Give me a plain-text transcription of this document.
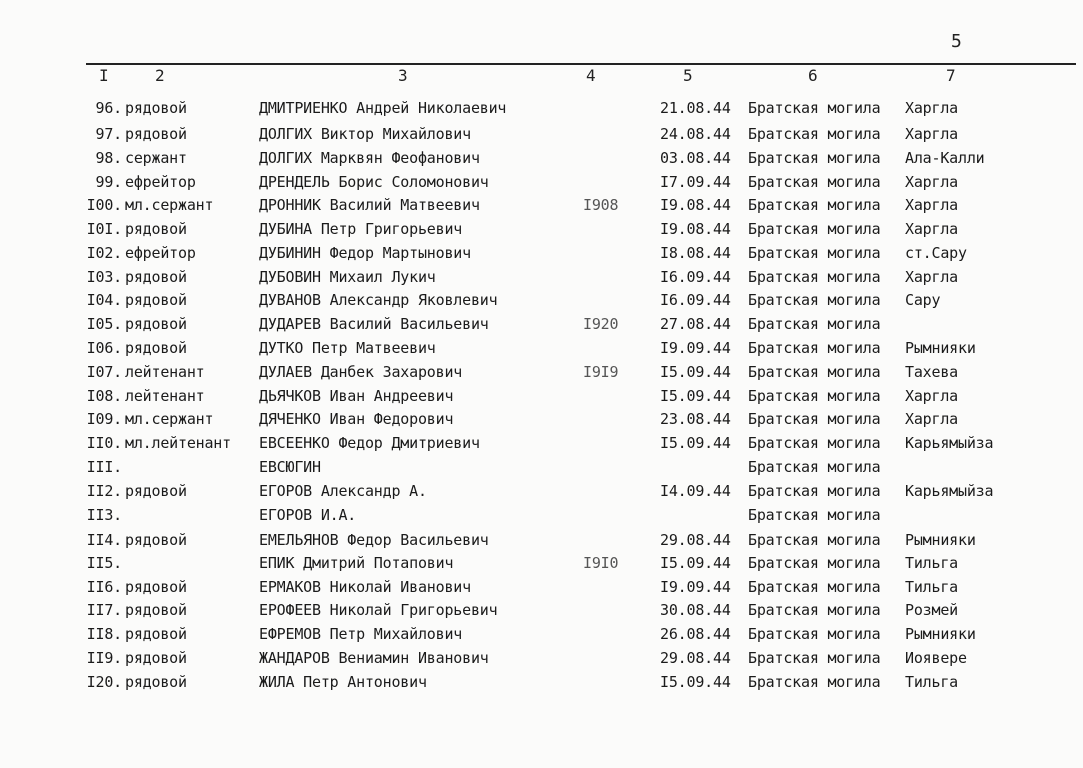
5
I	2	3	4	5	6	7
96. рядовой	ДМИТРИЕНКО Андрей Николаевич	21.08.44 Братская могила Харгла
97. рядовой	ДОЛГИХ Виктор Михайлович	24.08.44 Братская могила Харгла
98. сержант	ДОЛГИХ Марквян Феофанович	03.08.44 Братская могила Ала-Калли
99. ефрейтор	ДРЕНДЕЛЬ Борис Соломонович	I7.09.44 Братская могила Харгла
I00. мл.сержант	ДРОННИК Василий Матвеевич	I908	I9.08.44 Братская могила Харгла
I0I. рядовой	ДУБИНА Петр Григорьевич	I9.08.44 Братская могила Харгла
I02. ефрейтор	ДУБИНИН Федор Мартынович	I8.08.44 Братская могила ст.Сару
I03. рядовой	ДУБОВИН Михаил Лукич	I6.09.44 Братская могила Харгла
I04. рядовой	ДУВАНОВ Александр Яковлевич	I6.09.44 Братская могила Сару
I05. рядовой	ДУДАРЕВ Василий Васильевич	I920	27.08.44 Братская могила
I06. рядовой	ДУТКО Петр Матвеевич	I9.09.44 Братская могила Рымнияки
I07. лейтенант	ДУЛАЕВ Данбек Захарович	I9I9	I5.09.44 Братская могила Тахева
I08. лейтенант	ДЬЯЧКОВ Иван Андреевич	I5.09.44 Братская могила Харгла
I09. мл.сержант	ДЯЧЕНКО Иван Федорович	23.08.44 Братская могила Харгла
II0. мл.лейтенант ЕВСЕЕНКО Федор Дмитриевич	I5.09.44 Братская могила Карьямыйза
III.	ЕВСЮГИН	Братская могила
II2. рядовой	ЕГОРОВ Александр А.	I4.09.44 Братская могила Карьямыйза
II3.	ЕГОРОВ И.А.	Братская могила
II4. рядовой	ЕМЕЛЬЯНОВ Федор Васильевич	29.08.44 Братская могила Рымнияки
II5.	ЕПИК Дмитрий Потапович	I9I0	I5.09.44 Братская могила Тильга
II6. рядовой	ЕРМАКОВ Николай Иванович	I9.09.44 Братская могила Тильга
II7. рядовой	ЕРОФЕЕВ Николай Григорьевич	30.08.44 Братская могила Розмей
II8. рядовой	ЕФРЕМОВ Петр Михайлович	26.08.44 Братская могила Рымнияки
II9. рядовой	ЖАНДАРОВ Вениамин Иванович	29.08.44 Братская могила Иоявере
I20. рядовой	ЖИЛА Петр Антонович	I5.09.44 Братская могила Тильга
